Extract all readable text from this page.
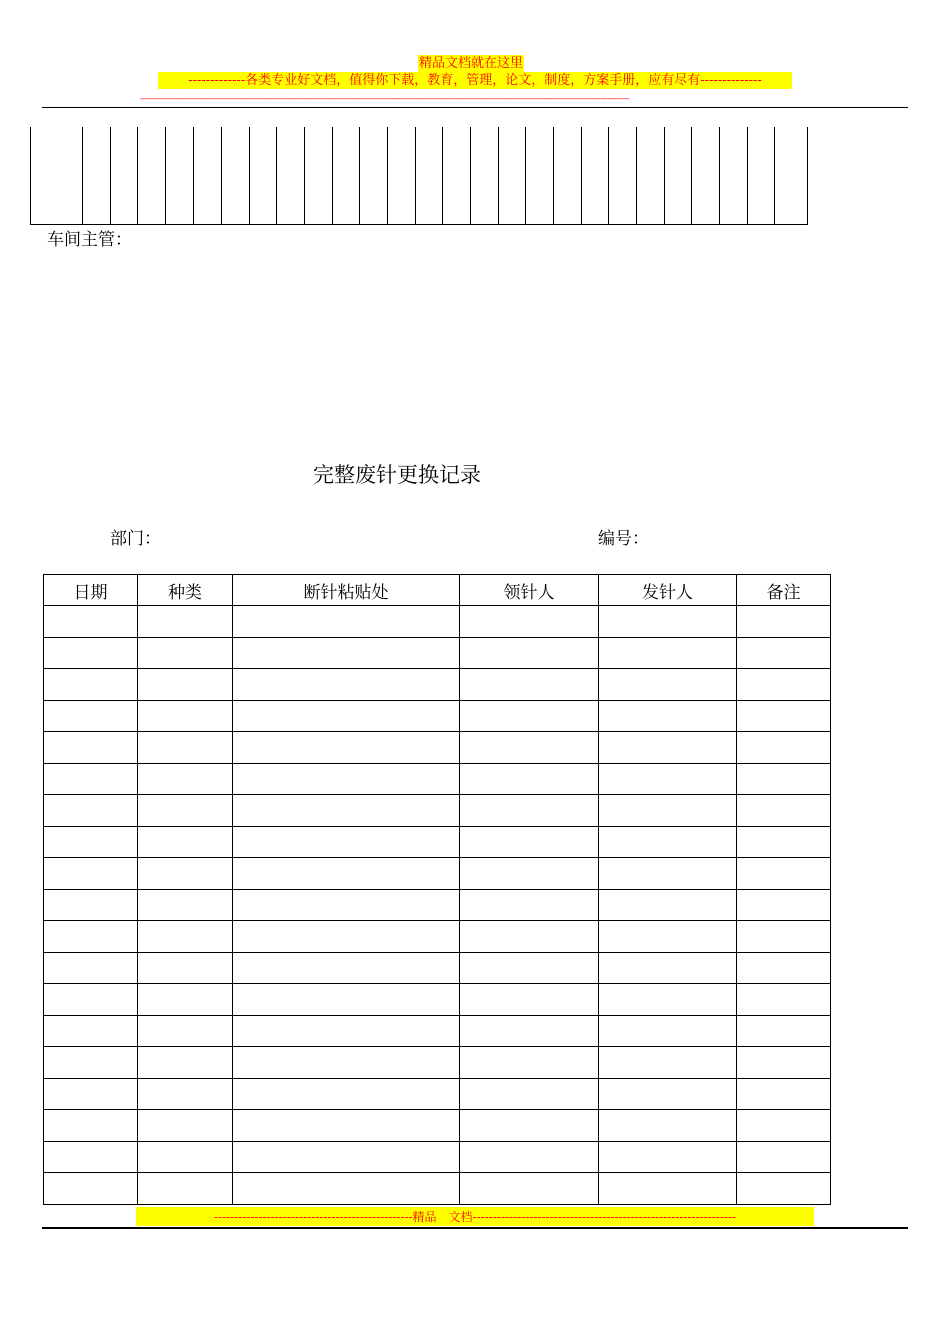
精品文档就在这里
-------------各类专业好文档，值得你下载，教育，管理，论文，制度，方案手册，应有尽有--------------
------------------------------------------------------------------------------------------------------------------------------------------------------------------------------------------------------------------------------

车间主管：
完整废针更换记录
部门：	编号：
日期	种类	断针粘贴处	领针人	发针人	备注

-------------------------------------------------精品　文档-----------------------------------------------------------------
